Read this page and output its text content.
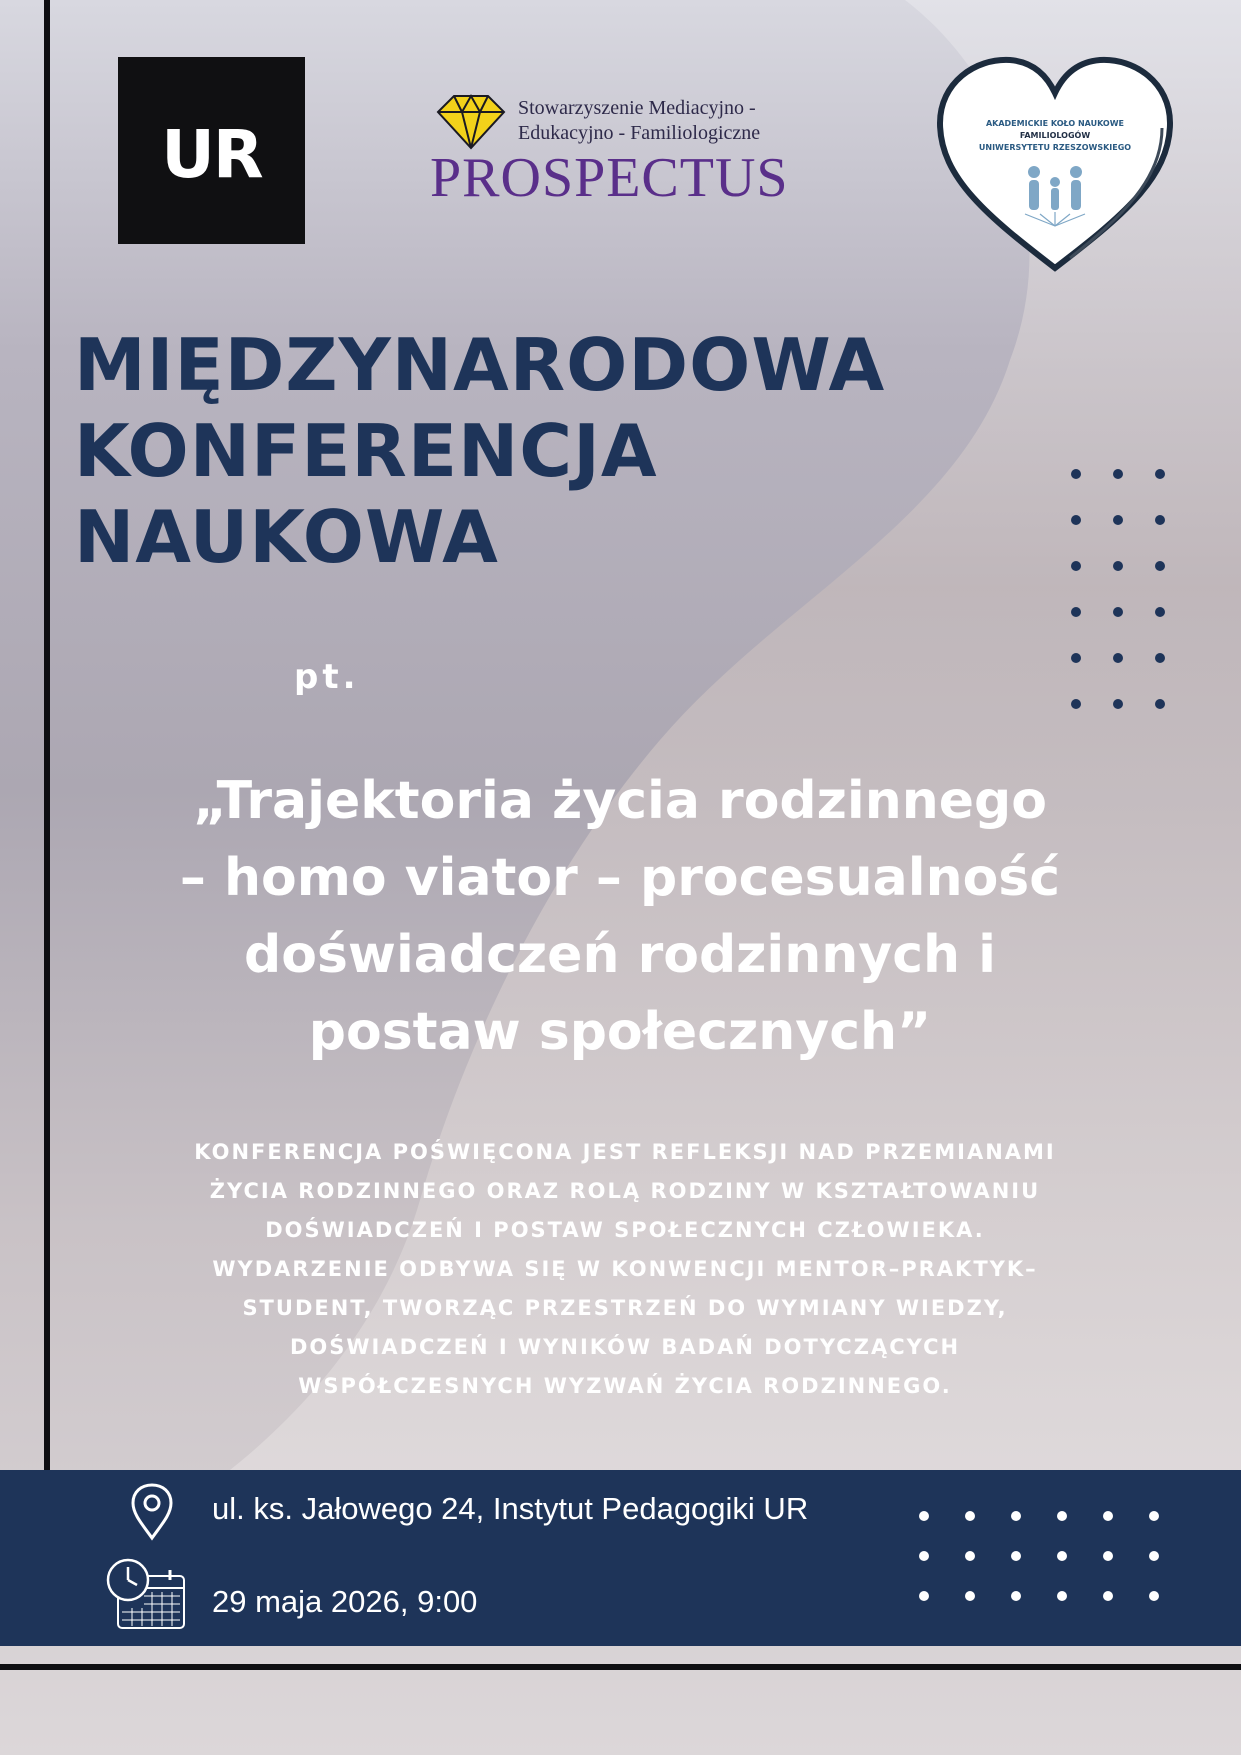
UR
Stowarzyszenie Mediacyjno -
Edukacyjno - Familiologiczne
PROSPECTUS
AKADEMICKIE KOŁO NAUKOWE
FAMILIOLOGÓW
UNIWERSYTETU RZESZOWSKIEGO
MIĘDZYNARODOWA
KONFERENCJA
NAUKOWA
pt.
„Trajektoria życia rodzinnego
– homo viator – procesualność
doświadczeń rodzinnych i
postaw społecznych”
KONFERENCJA POŚWIĘCONA JEST REFLEKSJI NAD PRZEMIANAMI
ŻYCIA RODZINNEGO ORAZ ROLĄ RODZINY W KSZTAŁTOWANIU
DOŚWIADCZEŃ I POSTAW SPOŁECZNYCH CZŁOWIEKA.
WYDARZENIE ODBYWA SIĘ W KONWENCJI MENTOR–PRAKTYK–
STUDENT, TWORZĄC PRZESTRZEŃ DO WYMIANY WIEDZY,
DOŚWIADCZEŃ I WYNIKÓW BADAŃ DOTYCZĄCYCH
WSPÓŁCZESNYCH WYZWAŃ ŻYCIA RODZINNEGO.
ul. ks. Jałowego 24, Instytut Pedagogiki UR
29 maja 2026, 9:00
